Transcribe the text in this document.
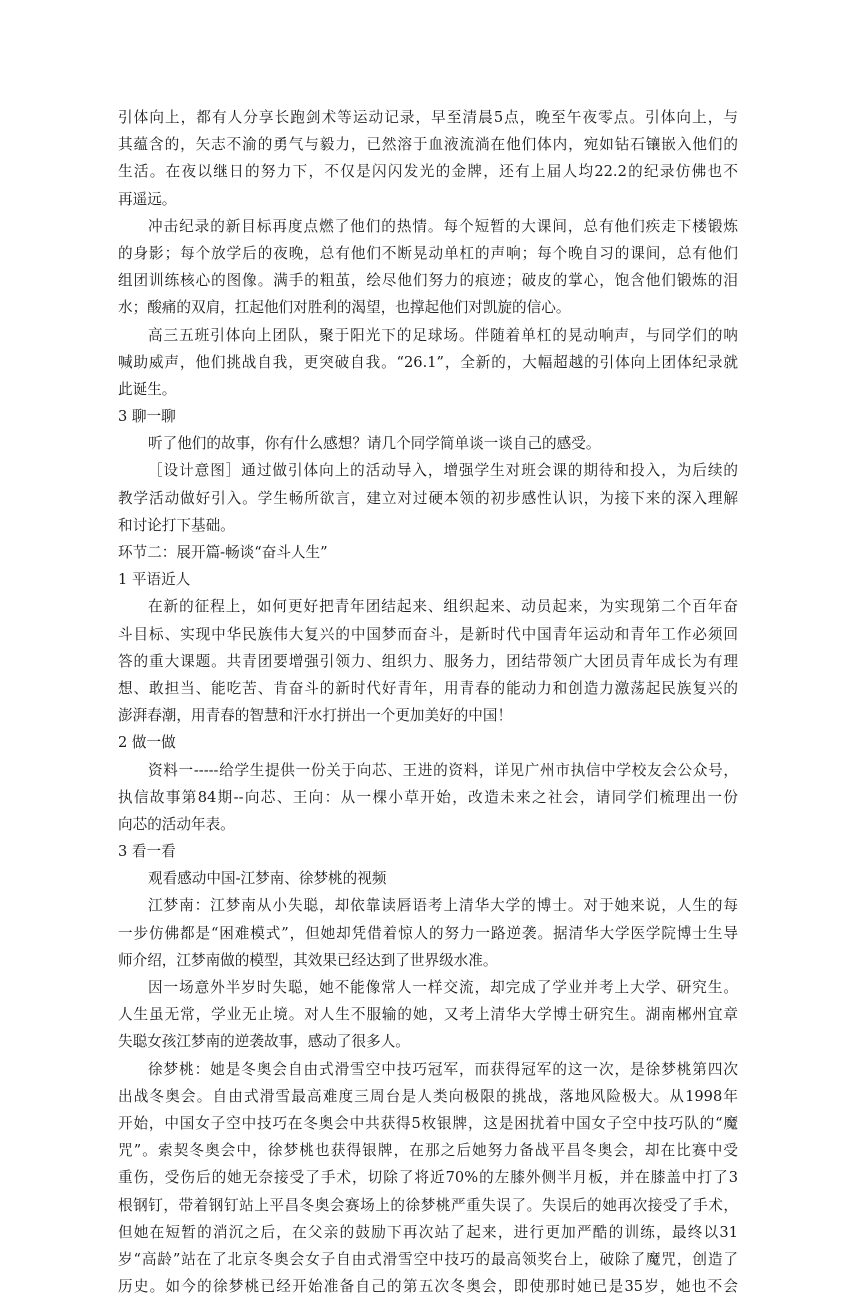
引体向上，都有人分享长跑剑术等运动记录，早至清晨5点，晚至午夜零点。引体向上，与
其蕴含的，矢志不渝的勇气与毅力，已然溶于血液流淌在他们体内，宛如钻石镶嵌入他们的
生活。在夜以继日的努力下，不仅是闪闪发光的金牌，还有上届人均22.2的纪录仿佛也不
再遥远。
冲击纪录的新目标再度点燃了他们的热情。每个短暂的大课间，总有他们疾走下楼锻炼
的身影；每个放学后的夜晚，总有他们不断晃动单杠的声响；每个晚自习的课间，总有他们
组团训练核心的图像。满手的粗茧，绘尽他们努力的痕迹；破皮的掌心，饱含他们锻炼的泪
水；酸痛的双肩，扛起他们对胜利的渴望，也撑起他们对凯旋的信心。
高三五班引体向上团队，聚于阳光下的足球场。伴随着单杠的晃动响声，与同学们的呐
喊助威声，他们挑战自我，更突破自我。“26.1”，全新的，大幅超越的引体向上团体纪录就
此诞生。
3 聊一聊
听了他们的故事，你有什么感想？请几个同学简单谈一谈自己的感受。
［设计意图］通过做引体向上的活动导入，增强学生对班会课的期待和投入，为后续的
教学活动做好引入。学生畅所欲言，建立对过硬本领的初步感性认识，为接下来的深入理解
和讨论打下基础。
环节二：展开篇-畅谈“奋斗人生”
1 平语近人
在新的征程上，如何更好把青年团结起来、组织起来、动员起来，为实现第二个百年奋
斗目标、实现中华民族伟大复兴的中国梦而奋斗，是新时代中国青年运动和青年工作必须回
答的重大课题。共青团要增强引领力、组织力、服务力，团结带领广大团员青年成长为有理
想、敢担当、能吃苦、肯奋斗的新时代好青年，用青春的能动力和创造力激荡起民族复兴的
澎湃春潮，用青春的智慧和汗水打拼出一个更加美好的中国！
2 做一做
资料一-----给学生提供一份关于向芯、王进的资料，详见广州市执信中学校友会公众号，
执信故事第84期--向芯、王向：从一棵小草开始，改造未来之社会，请同学们梳理出一份
向芯的活动年表。
3 看一看
观看感动中国-江梦南、徐梦桃的视频
江梦南：江梦南从小失聪，却依靠读唇语考上清华大学的博士。对于她来说，人生的每
一步仿佛都是“困难模式”，但她却凭借着惊人的努力一路逆袭。据清华大学医学院博士生导
师介绍，江梦南做的模型，其效果已经达到了世界级水准。
因一场意外半岁时失聪，她不能像常人一样交流，却完成了学业并考上大学、研究生。
人生虽无常，学业无止境。对人生不服输的她，又考上清华大学博士研究生。湖南郴州宜章
失聪女孩江梦南的逆袭故事，感动了很多人。
徐梦桃：她是冬奥会自由式滑雪空中技巧冠军，而获得冠军的这一次，是徐梦桃第四次
出战冬奥会。自由式滑雪最高难度三周台是人类向极限的挑战，落地风险极大。从1998年
开始，中国女子空中技巧在冬奥会中共获得5枚银牌，这是困扰着中国女子空中技巧队的“魔
咒”。索契冬奥会中，徐梦桃也获得银牌，在那之后她努力备战平昌冬奥会，却在比赛中受
重伤，受伤后的她无奈接受了手术，切除了将近70%的左膝外侧半月板，并在膝盖中打了3
根钢钉，带着钢钉站上平昌冬奥会赛场上的徐梦桃严重失误了。失误后的她再次接受了手术，
但她在短暂的消沉之后，在父亲的鼓励下再次站了起来，进行更加严酷的训练，最终以31
岁“高龄”站在了北京冬奥会女子自由式滑雪空中技巧的最高领奖台上，破除了魔咒，创造了
历史。如今的徐梦桃已经开始准备自己的第五次冬奥会，即使那时她已是35岁，她也不会
